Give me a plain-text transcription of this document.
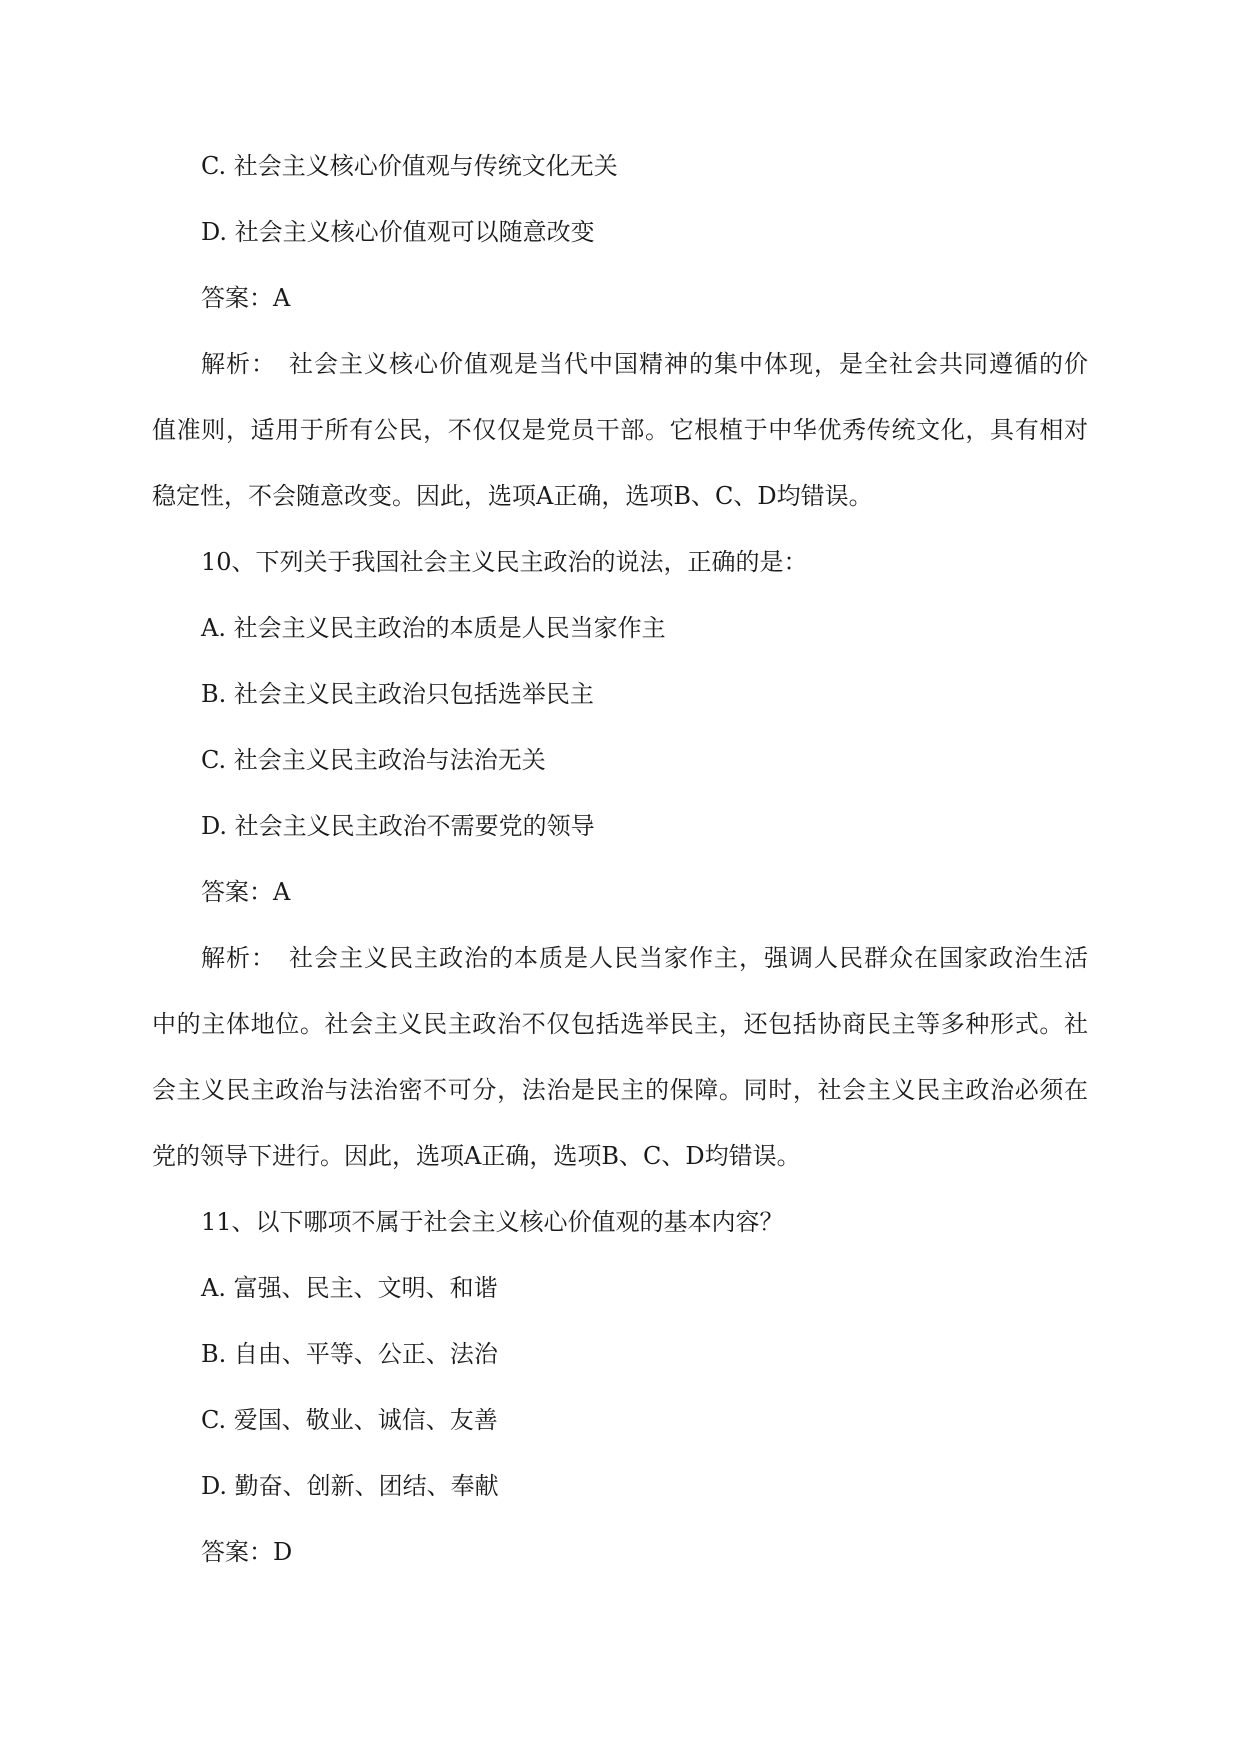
C. 社会主义核心价值观与传统文化无关
D. 社会主义核心价值观可以随意改变
答案：A
解析：　社会主义核心价值观是当代中国精神的集中体现，是全社会共同遵循的价
值准则，适用于所有公民，不仅仅是党员干部。它根植于中华优秀传统文化，具有相对
稳定性，不会随意改变。因此，选项A正确，选项B、C、D均错误。
10、下列关于我国社会主义民主政治的说法，正确的是：
A. 社会主义民主政治的本质是人民当家作主
B. 社会主义民主政治只包括选举民主
C. 社会主义民主政治与法治无关
D. 社会主义民主政治不需要党的领导
答案：A
解析：　社会主义民主政治的本质是人民当家作主，强调人民群众在国家政治生活
中的主体地位。社会主义民主政治不仅包括选举民主，还包括协商民主等多种形式。社
会主义民主政治与法治密不可分，法治是民主的保障。同时，社会主义民主政治必须在
党的领导下进行。因此，选项A正确，选项B、C、D均错误。
11、以下哪项不属于社会主义核心价值观的基本内容？
A. 富强、民主、文明、和谐
B. 自由、平等、公正、法治
C. 爱国、敬业、诚信、友善
D. 勤奋、创新、团结、奉献
答案：D
